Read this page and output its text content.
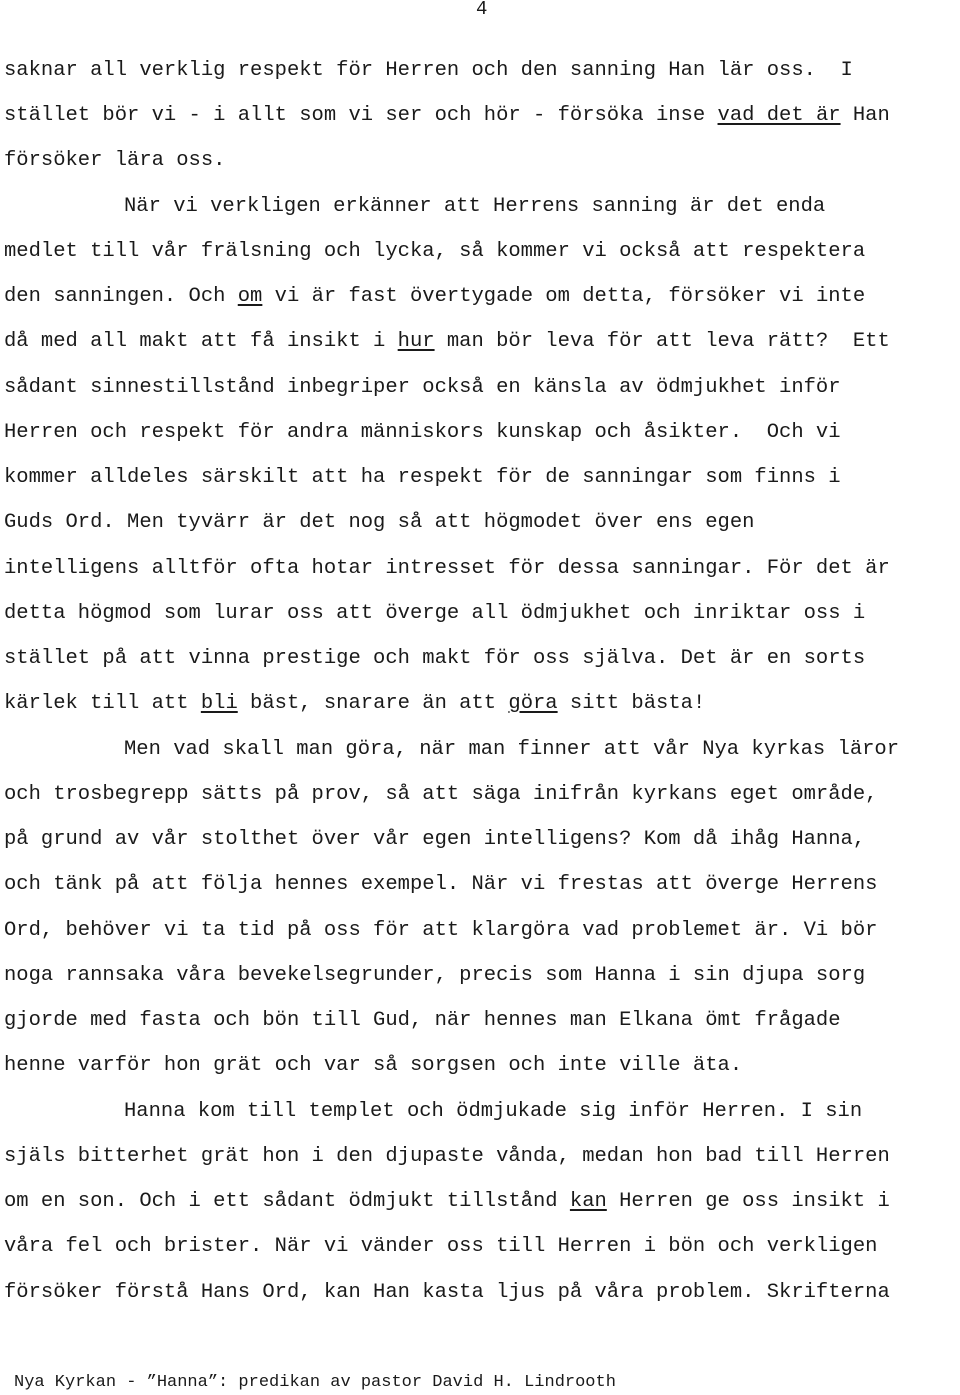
4
saknar all verklig respekt för Herren och den sanning Han lär oss.  I
stället bör vi - i allt som vi ser och hör - försöka inse vad det är Han
försöker lära oss.
När vi verkligen erkänner att Herrens sanning är det enda
medlet till vår frälsning och lycka, så kommer vi också att respektera
den sanningen. Och om vi är fast övertygade om detta, försöker vi inte
då med all makt att få insikt i hur man bör leva för att leva rätt?  Ett
sådant sinnestillstånd inbegriper också en känsla av ödmjukhet inför
Herren och respekt för andra människors kunskap och åsikter.  Och vi
kommer alldeles särskilt att ha respekt för de sanningar som finns i
Guds Ord. Men tyvärr är det nog så att högmodet över ens egen
intelligens alltför ofta hotar intresset för dessa sanningar. För det är
detta högmod som lurar oss att överge all ödmjukhet och inriktar oss i
stället på att vinna prestige och makt för oss själva. Det är en sorts
kärlek till att bli bäst, snarare än att göra sitt bästa!
Men vad skall man göra, när man finner att vår Nya kyrkas läror
och trosbegrepp sätts på prov, så att säga inifrån kyrkans eget område,
på grund av vår stolthet över vår egen intelligens? Kom då ihåg Hanna,
och tänk på att följa hennes exempel. När vi frestas att överge Herrens
Ord, behöver vi ta tid på oss för att klargöra vad problemet är. Vi bör
noga rannsaka våra bevekelsegrunder, precis som Hanna i sin djupa sorg
gjorde med fasta och bön till Gud, när hennes man Elkana ömt frågade
henne varför hon grät och var så sorgsen och inte ville äta.
Hanna kom till templet och ödmjukade sig inför Herren. I sin
själs bitterhet grät hon i den djupaste vånda, medan hon bad till Herren
om en son. Och i ett sådant ödmjukt tillstånd kan Herren ge oss insikt i
våra fel och brister. När vi vänder oss till Herren i bön och verkligen
försöker förstå Hans Ord, kan Han kasta ljus på våra problem. Skrifterna
Nya Kyrkan - ”Hanna”: predikan av pastor David H. Lindrooth
